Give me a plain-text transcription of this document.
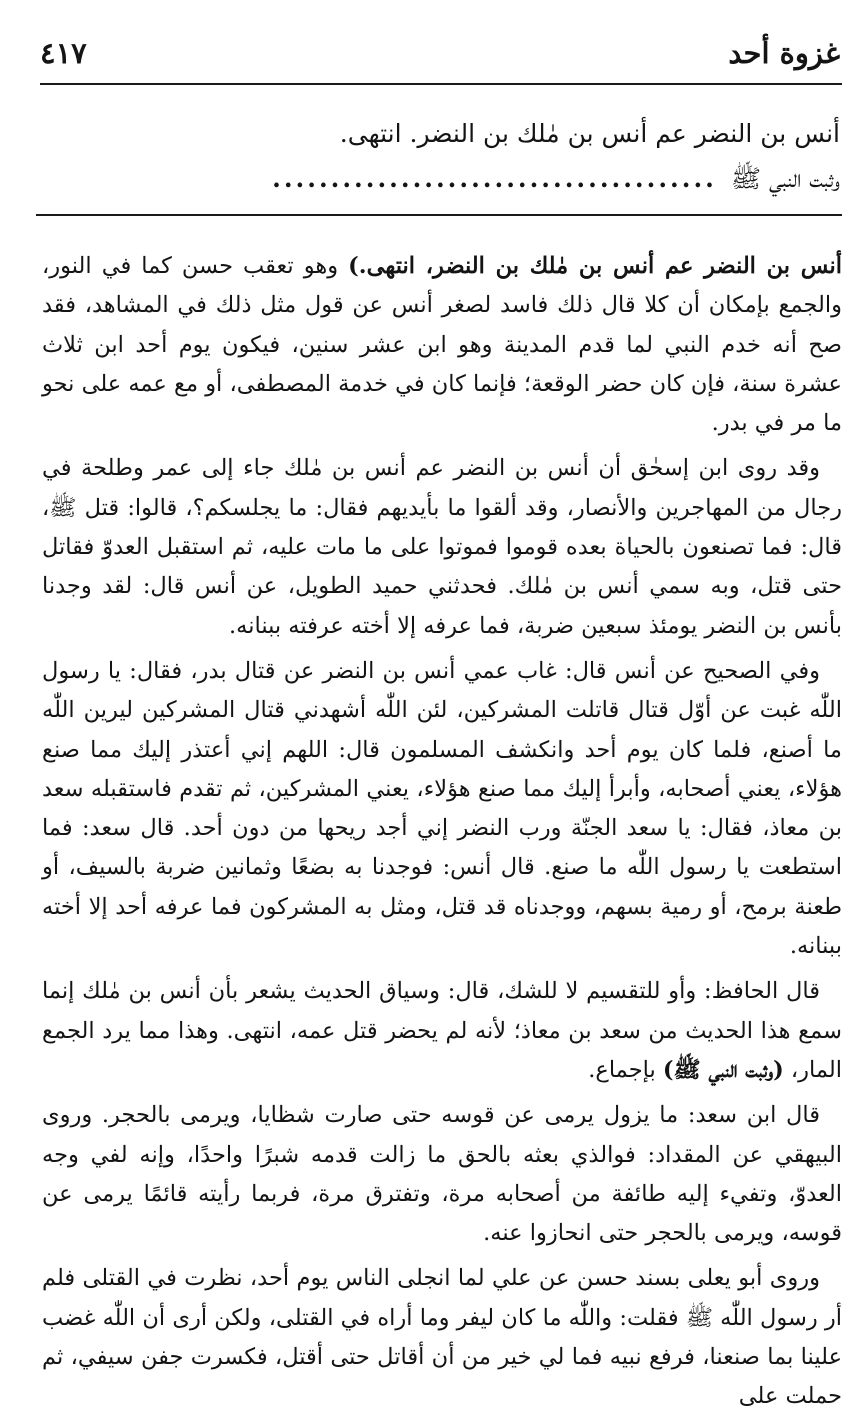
غزوة أحد
٤١٧
أنس بن النضر عم أنس بن مٰلك بن النضر. انتهى.
وثبت النبي ﷺ......................................

أنس بن النضر عم أنس بن مٰلك بن النضر، انتهى.) وهو تعقب حسن كما في النور، والجمع بإمكان أن كلا قال ذلك فاسد لصغر أنس عن قول مثل ذلك في المشاهد، فقد صح أنه خدم النبي لما قدم المدينة وهو ابن عشر سنين، فيكون يوم أحد ابن ثلاث عشرة سنة، فإن كان حضر الوقعة؛ فإنما كان في خدمة المصطفى، أو مع عمه على نحو ما مر في بدر.

وقد روى ابن إسحٰق أن أنس بن النضر عم أنس بن مٰلك جاء إلى عمر وطلحة في رجال من المهاجرين والأنصار، وقد ألقوا ما بأيديهم فقال: ما يجلسكم؟، قالوا: قتل ﷺ، قال: فما تصنعون بالحياة بعده قوموا فموتوا على ما مات عليه، ثم استقبل العدوّ فقاتل حتى قتل، وبه سمي أنس بن مٰلك. فحدثني حميد الطويل، عن أنس قال: لقد وجدنا بأنس بن النضر يومئذ سبعين ضربة، فما عرفه إلا أخته عرفته ببنانه.

وفي الصحيح عن أنس قال: غاب عمي أنس بن النضر عن قتال بدر، فقال: يا رسول اللّٰه غبت عن أوّل قتال قاتلت المشركين، لئن اللّٰه أشهدني قتال المشركين ليرين اللّٰه ما أصنع، فلما كان يوم أحد وانكشف المسلمون قال: اللهم إني أعتذر إليك مما صنع هؤلاء، يعني أصحابه، وأبرأ إليك مما صنع هؤلاء، يعني المشركين، ثم تقدم فاستقبله سعد بن معاذ، فقال: يا سعد الجنّة ورب النضر إني أجد ريحها من دون أحد. قال سعد: فما استطعت يا رسول اللّٰه ما صنع. قال أنس: فوجدنا به بضعًا وثمانين ضربة بالسيف، أو طعنة برمح، أو رمية بسهم، ووجدناه قد قتل، ومثل به المشركون فما عرفه أحد إلا أخته ببنانه.

قال الحافظ: وأو للتقسيم لا للشك، قال: وسياق الحديث يشعر بأن أنس بن مٰلك إنما سمع هذا الحديث من سعد بن معاذ؛ لأنه لم يحضر قتل عمه، انتهى. وهذا مما يرد الجمع المار، (وثبت النبي ﷺ) بإجماع.

قال ابن سعد: ما يزول يرمى عن قوسه حتى صارت شظايا، ويرمى بالحجر. وروى البيهقي عن المقداد: فوالذي بعثه بالحق ما زالت قدمه شبرًا واحدًا، وإنه لفي وجه العدوّ، وتفيء إليه طائفة من أصحابه مرة، وتفترق مرة، فربما رأيته قائمًا يرمى عن قوسه، ويرمى بالحجر حتى انحازوا عنه.

وروى أبو يعلى بسند حسن عن علي لما انجلى الناس يوم أحد، نظرت في القتلى فلم أر رسول اللّٰه ﷺ فقلت: واللّٰه ما كان ليفر وما أراه في القتلى، ولكن أرى أن اللّٰه غضب علينا بما صنعنا، فرفع نبيه فما لي خير من أن أقاتل حتى أقتل، فكسرت جفن سيفي، ثم حملت على
